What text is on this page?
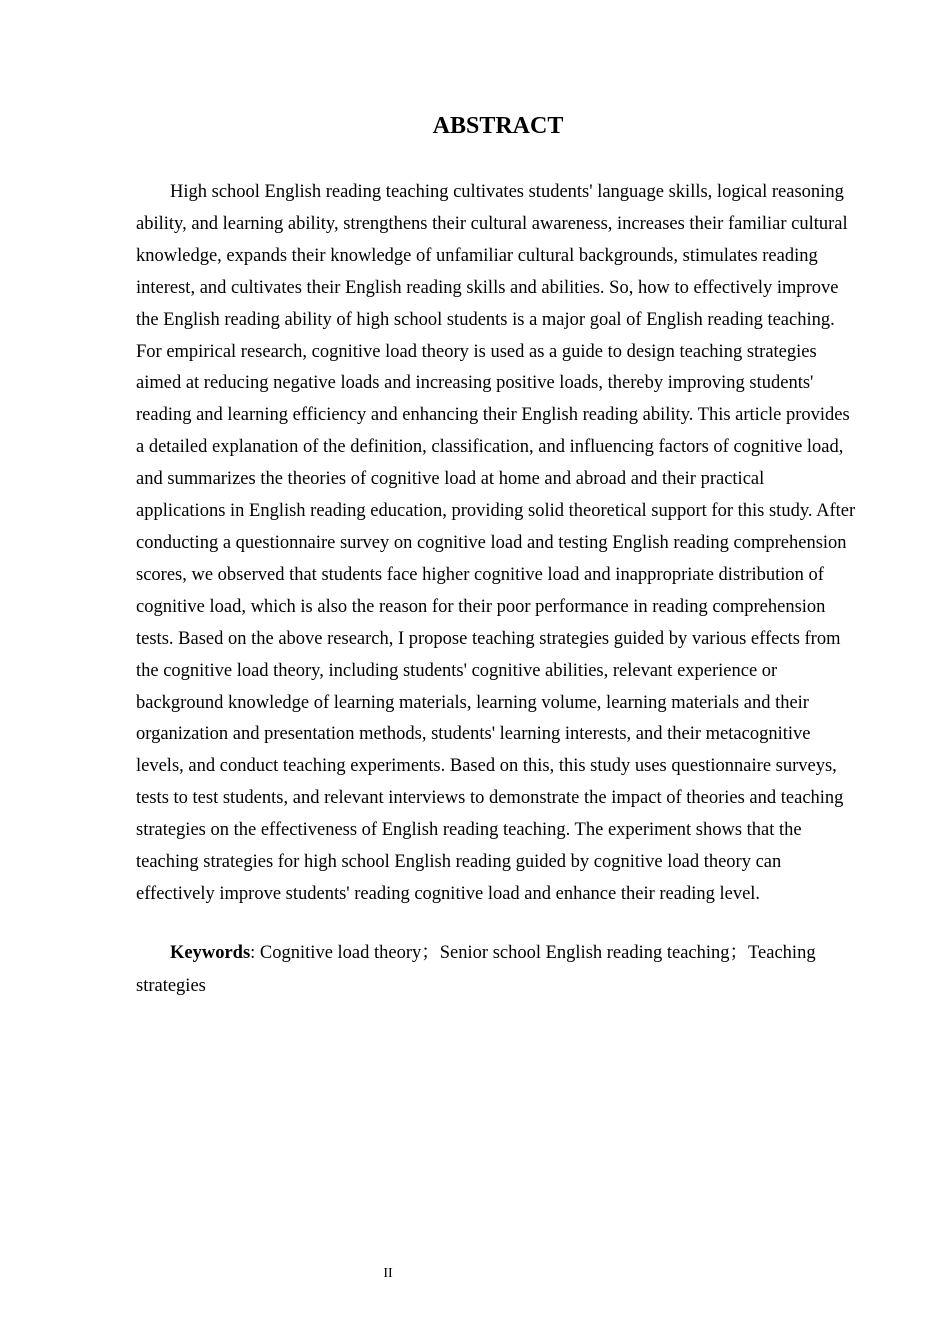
ABSTRACT

High school English reading teaching cultivates students' language skills, logical reasoning ability, and learning ability, strengthens their cultural awareness, increases their familiar cultural knowledge, expands their knowledge of unfamiliar cultural backgrounds, stimulates reading interest, and cultivates their English reading skills and abilities. So, how to effectively improve the English reading ability of high school students is a major goal of English reading teaching. For empirical research, cognitive load theory is used as a guide to design teaching strategies aimed at reducing negative loads and increasing positive loads, thereby improving students' reading and learning efficiency and enhancing their English reading ability. This article provides a detailed explanation of the definition, classification, and influencing factors of cognitive load, and summarizes the theories of cognitive load at home and abroad and their practical applications in English reading education, providing solid theoretical support for this study. After conducting a questionnaire survey on cognitive load and testing English reading comprehension scores, we observed that students face higher cognitive load and inappropriate distribution of cognitive load, which is also the reason for their poor performance in reading comprehension tests. Based on the above research, I propose teaching strategies guided by various effects from the cognitive load theory, including students' cognitive abilities, relevant experience or background knowledge of learning materials, learning volume, learning materials and their organization and presentation methods, students' learning interests, and their metacognitive levels, and conduct teaching experiments. Based on this, this study uses questionnaire surveys, tests to test students, and relevant interviews to demonstrate the impact of theories and teaching strategies on the effectiveness of English reading teaching. The experiment shows that the teaching strategies for high school English reading guided by cognitive load theory can effectively improve students' reading cognitive load and enhance their reading level.

Keywords: Cognitive load theory；Senior school English reading teaching；Teaching strategies

II
